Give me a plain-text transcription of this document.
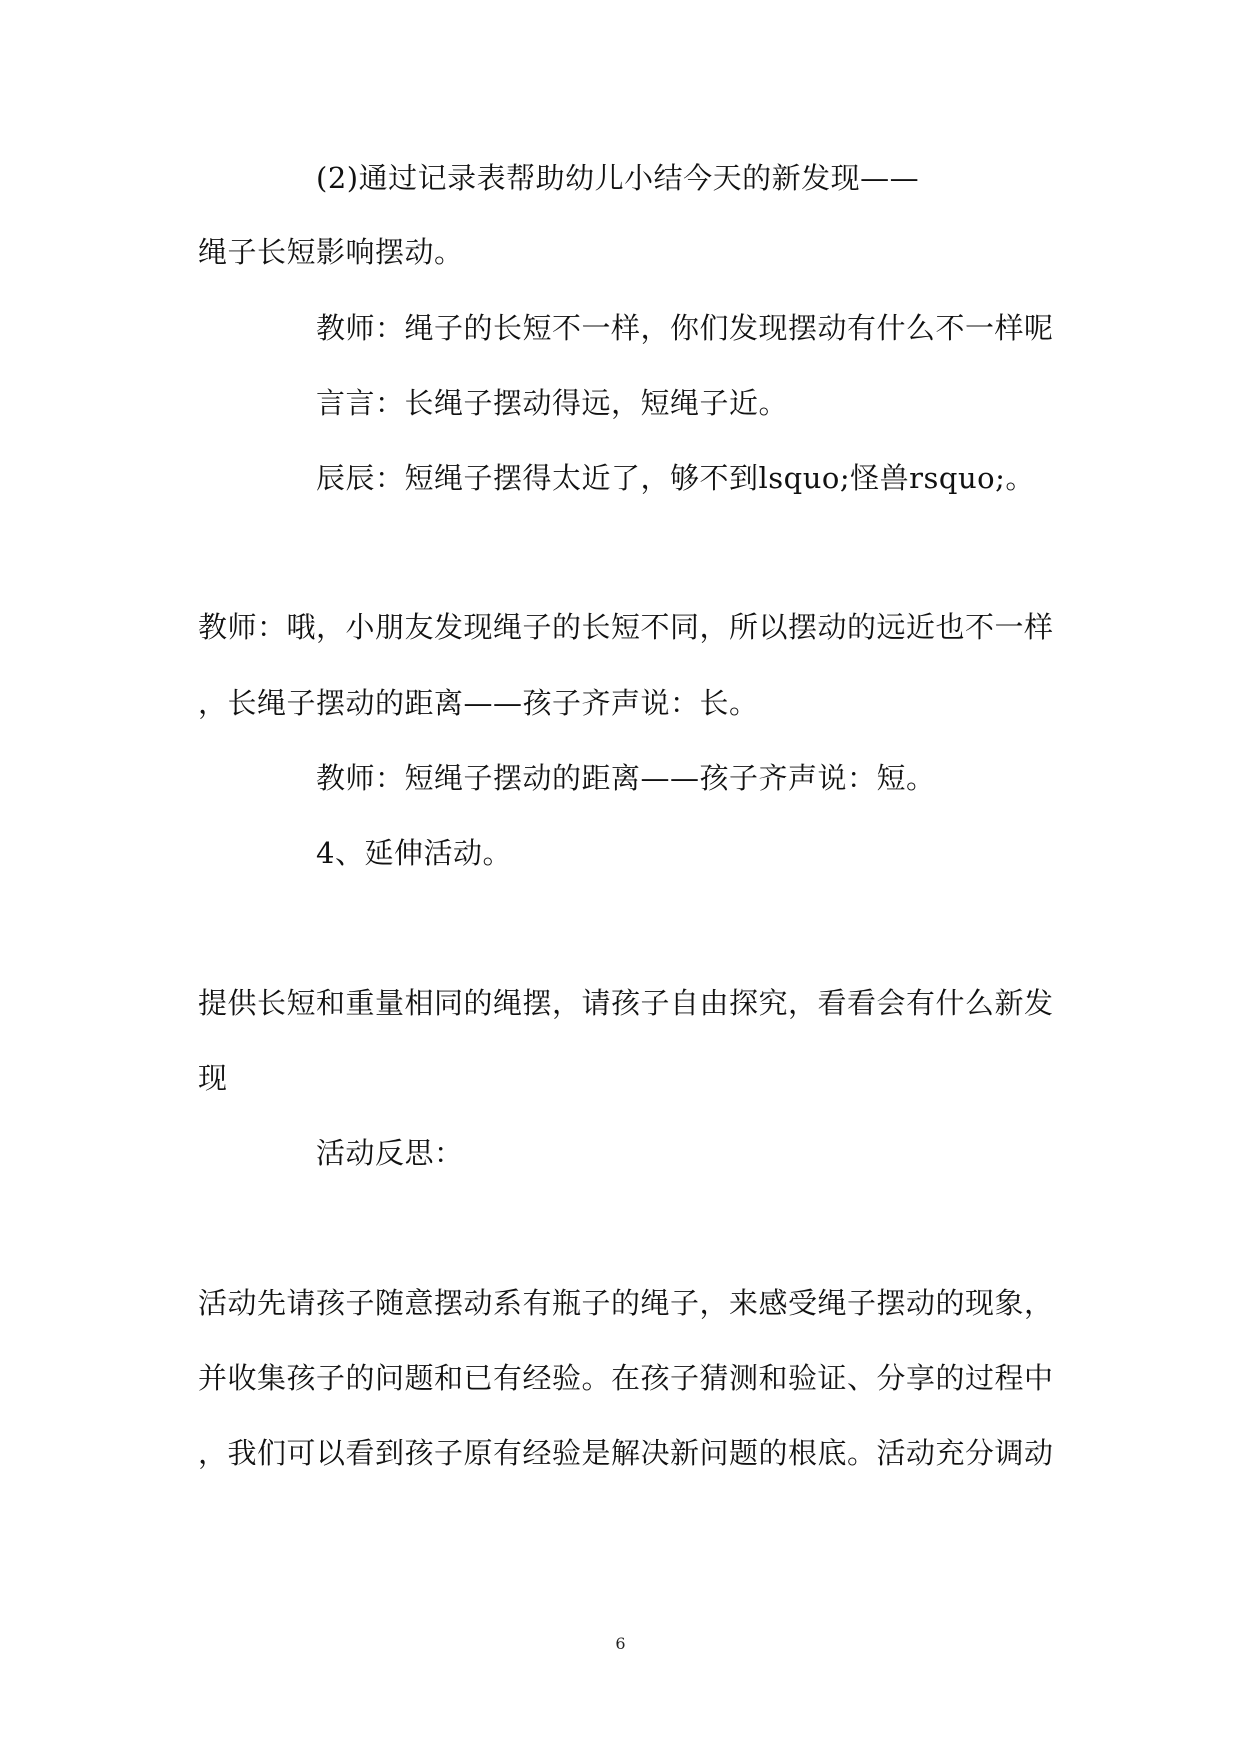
(2)通过记录表帮助幼儿小结今天的新发现——
绳子长短影响摆动。
教师：绳子的长短不一样，你们发现摆动有什么不一样呢
言言：长绳子摆动得远，短绳子近。
辰辰：短绳子摆得太近了，够不到lsquo;怪兽rsquo;。
教师：哦，小朋友发现绳子的长短不同，所以摆动的远近也不一样
，长绳子摆动的距离——孩子齐声说：长。
教师：短绳子摆动的距离——孩子齐声说：短。
4、延伸活动。
提供长短和重量相同的绳摆，请孩子自由探究，看看会有什么新发
现
活动反思：
活动先请孩子随意摆动系有瓶子的绳子，来感受绳子摆动的现象，
并收集孩子的问题和已有经验。在孩子猜测和验证、分享的过程中
，我们可以看到孩子原有经验是解决新问题的根底。活动充分调动
6
